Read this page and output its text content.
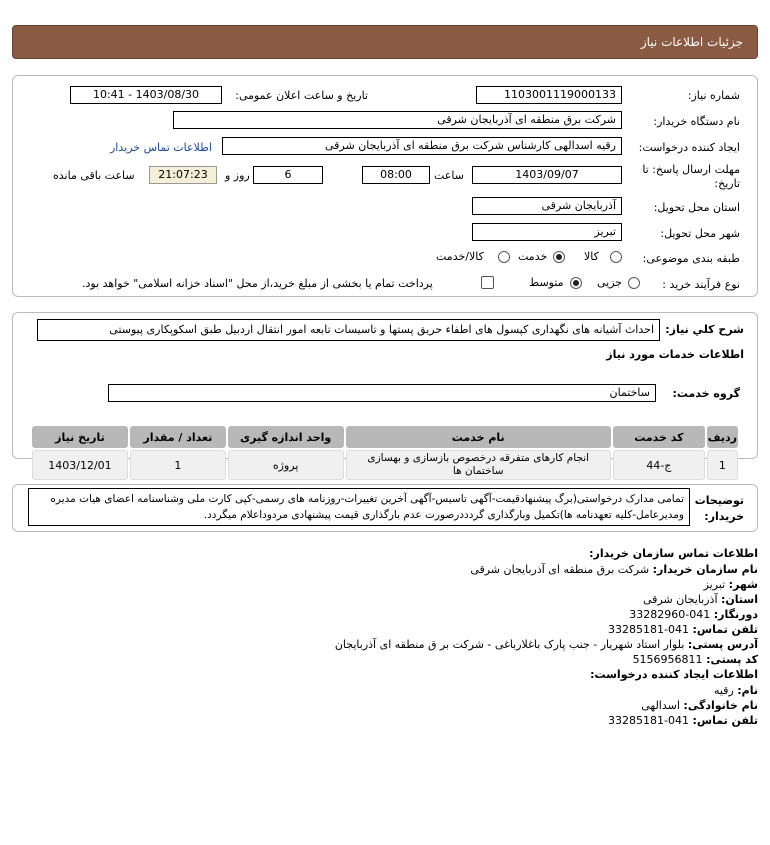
جزئیات اطلاعات نیاز
شماره نیاز:
1103001119000133
تاریخ و ساعت اعلان عمومی:
1403/08/30 - 10:41
نام دستگاه خریدار:
شرکت برق منطقه ای آذربایجان شرقی
ایجاد کننده درخواست:
رقیه اسدالهی کارشناس شرکت برق منطقه ای آذربایجان شرقی
اطلاعات تماس خریدار
مهلت ارسال پاسخ: تا
تاریخ:
1403/09/07
ساعت
08:00
6
روز و
21:07:23
ساعت باقی مانده
استان محل تحویل:
آذربایجان شرقی
شهر محل تحویل:
تبریز
طبقه بندی موضوعی:
کالا
خدمت
کالا/خدمت
نوع فرآیند خرید :
جزیی
متوسط
پرداخت تمام یا بخشی از مبلغ خرید،از محل "اسناد خزانه اسلامی" خواهد بود.
شرح کلي نیاز:
احداث آشیانه های نگهداری کپسول های اطفاء حریق پستها و تاسیسات تابعه امور انتقال اردبیل طبق اسکوپکاری پیوستی
اطلاعات خدمات مورد نیاز
گروه خدمت:
ساختمان
ردیف	کد خدمت	نام خدمت	واحد اندازه گیری	تعداد / مقدار	تاریخ نیاز
1	ج-44	انجام کارهای متفرقه درخصوص بازسازی و بهسازی ساختمان ها	پروژه	1	1403/12/01
توضیحات
خریدار:
تمامی مدارک درخواستی(برگ پیشنهادقیمت-آگهی تاسیس-آگهی آخرین تغییرات-روزنامه های رسمی-کپی کارت ملی وشناسنامه اعضای هیات مدیره ومدیرعامل-کلیه تعهدنامه ها)تکمیل وبارگذاری گردددرصورت عدم بارگذاری قیمت پیشنهادی مردوداعلام میگردد.
اطلاعات تماس سازمان خریدار:
نام سازمان خریدار: شرکت برق منطقه ای آذربایجان شرقی
شهر: تبریز
استان: آذربایجان شرقی
دورنگار: 041-33282960
تلفن تماس: 041-33285181
آدرس پستی: بلوار استاد شهریار - جنب پارک باغلارباغی - شرکت بر ق منطقه ای آذربایجان
کد پستی: 5156956811
اطلاعات ایجاد کننده درخواست:
نام: رقیه
نام خانوادگی: اسدالهی
تلفن تماس: 041-33285181
